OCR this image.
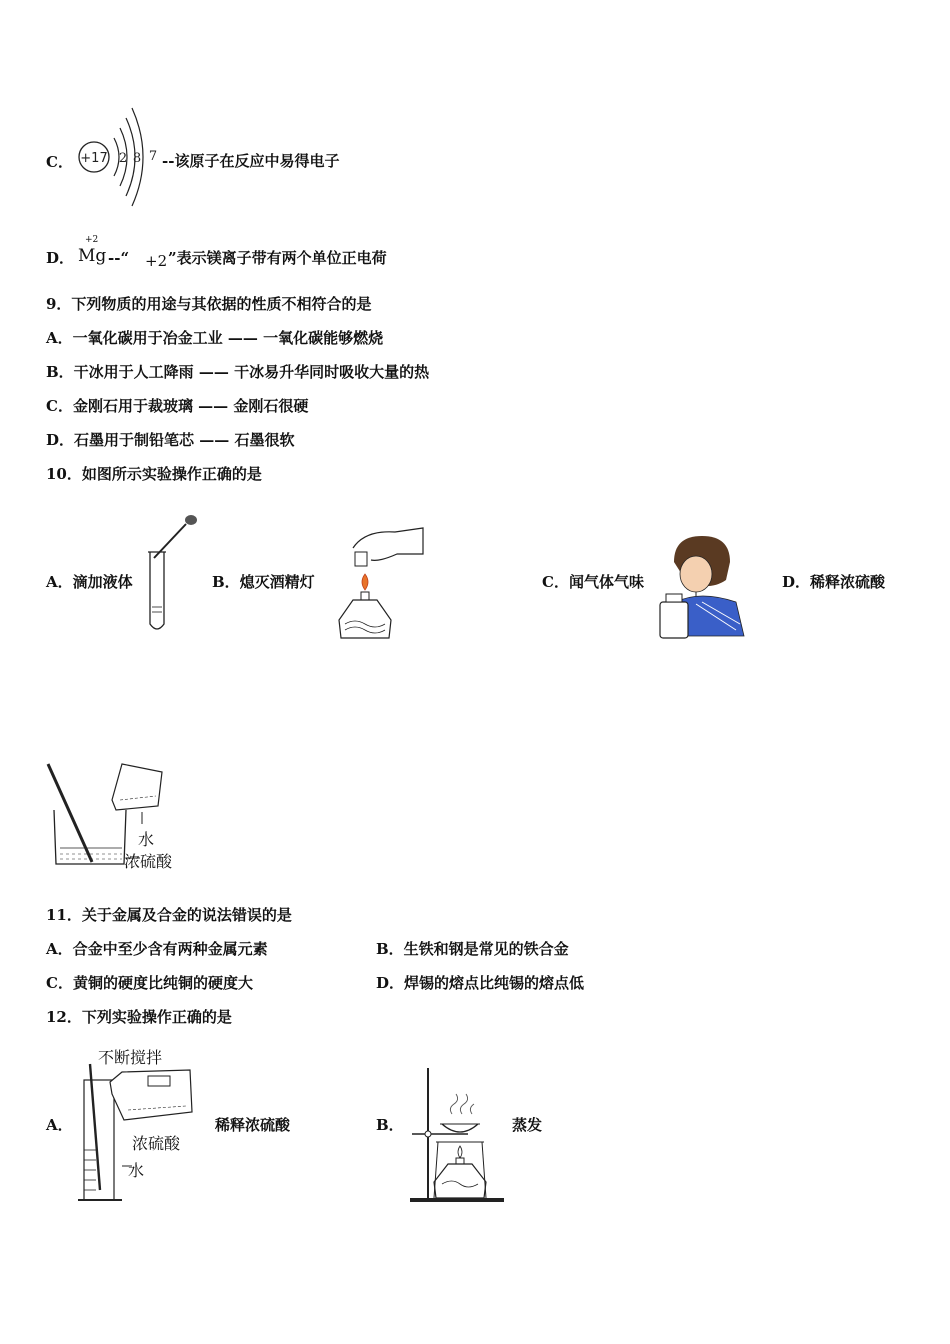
C． +17 2 8 7 --该原子在反应中易得电子
D．
+2
Mg --“ +2 ”表示镁离子带有两个单位正电荷
9．下列物质的用途与其依据的性质不相符合的是
A．一氧化碳用于冶金工业 —— 一氧化碳能够燃烧
B．干冰用于人工降雨 —— 干冰易升华同时吸收大量的热
C．金刚石用于裁玻璃 —— 金刚石很硬
D．石墨用于制铅笔芯 —— 石墨很软
10．如图所示实验操作正确的是
A．滴加液体	B．熄灭酒精灯	C．闻气体气味	D．稀释浓硫酸
水
浓硫酸
11．关于金属及合金的说法错误的是
A．合金中至少含有两种金属元素	B．生铁和钢是常见的铁合金
C．黄铜的硬度比纯铜的硬度大	D．焊锡的熔点比纯锡的熔点低
12．下列实验操作正确的是
A．
不断搅拌
浓硫酸
水
稀释浓硫酸	B．	蒸发
